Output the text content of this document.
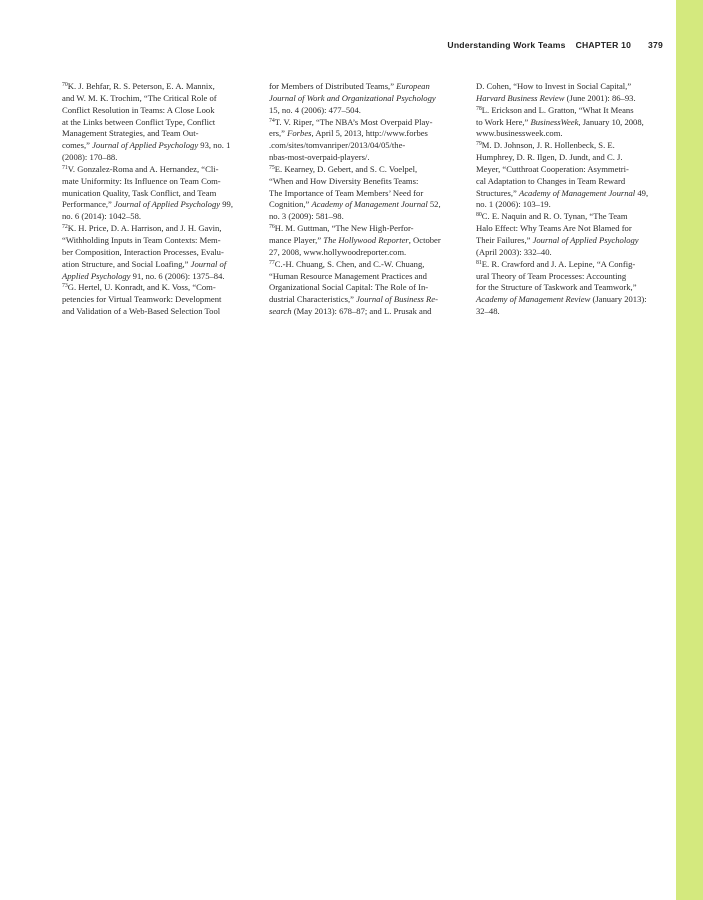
Understanding Work Teams CHAPTER 10 379
$^{70}$K. J. Behfar, R. S. Peterson, E. A. Mannix,
and W. M. K. Trochim, “The Critical Role of
Conflict Resolution in Teams: A Close Look
at the Links between Conflict Type, Conflict
Management Strategies, and Team Out-
comes,” Journal of Applied Psychology 93, no. 1
(2008): 170–88.
$^{71}$V. Gonzalez-Roma and A. Hernandez, “Cli-
mate Uniformity: Its Influence on Team Com-
munication Quality, Task Conflict, and Team
Performance,” Journal of Applied Psychology 99,
no. 6 (2014): 1042–58.
$^{72}$K. H. Price, D. A. Harrison, and J. H. Gavin,
“Withholding Inputs in Team Contexts: Mem-
ber Composition, Interaction Processes, Evalu-
ation Structure, and Social Loafing,” Journal of
Applied Psychology 91, no. 6 (2006): 1375–84.
$^{73}$G. Hertel, U. Konradt, and K. Voss, “Com-
petencies for Virtual Teamwork: Development
and Validation of a Web-Based Selection Tool
for Members of Distributed Teams,” European
Journal of Work and Organizational Psychology
15, no. 4 (2006): 477–504.
$^{74}$T. V. Riper, “The NBA’s Most Overpaid Play-
ers,” Forbes, April 5, 2013, http://www.forbes
.com/sites/tomvanriper/2013/04/05/the-
nbas-most-overpaid-players/.
$^{75}$E. Kearney, D. Gebert, and S. C. Voelpel,
“When and How Diversity Benefits Teams:
The Importance of Team Members’ Need for
Cognition,” Academy of Management Journal 52,
no. 3 (2009): 581–98.
$^{76}$H. M. Guttman, “The New High-Perfor-
mance Player,” The Hollywood Reporter, October
27, 2008, www.hollywoodreporter.com.
$^{77}$C.-H. Chuang, S. Chen, and C.-W. Chuang,
“Human Resource Management Practices and
Organizational Social Capital: The Role of In-
dustrial Characteristics,” Journal of Business Re-
search (May 2013): 678–87; and L. Prusak and
D. Cohen, “How to Invest in Social Capital,”
Harvard Business Review (June 2001): 86–93.
$^{78}$L. Erickson and L. Gratton, “What It Means
to Work Here,” BusinessWeek, January 10, 2008,
www.businessweek.com.
$^{79}$M. D. Johnson, J. R. Hollenbeck, S. E.
Humphrey, D. R. Ilgen, D. Jundt, and C. J.
Meyer, “Cutthroat Cooperation: Asymmetri-
cal Adaptation to Changes in Team Reward
Structures,” Academy of Management Journal 49,
no. 1 (2006): 103–19.
$^{80}$C. E. Naquin and R. O. Tynan, “The Team
Halo Effect: Why Teams Are Not Blamed for
Their Failures,” Journal of Applied Psychology
(April 2003): 332–40.
$^{81}$E. R. Crawford and J. A. Lepine, “A Config-
ural Theory of Team Processes: Accounting
for the Structure of Taskwork and Teamwork,”
Academy of Management Review (January 2013):
32–48.
